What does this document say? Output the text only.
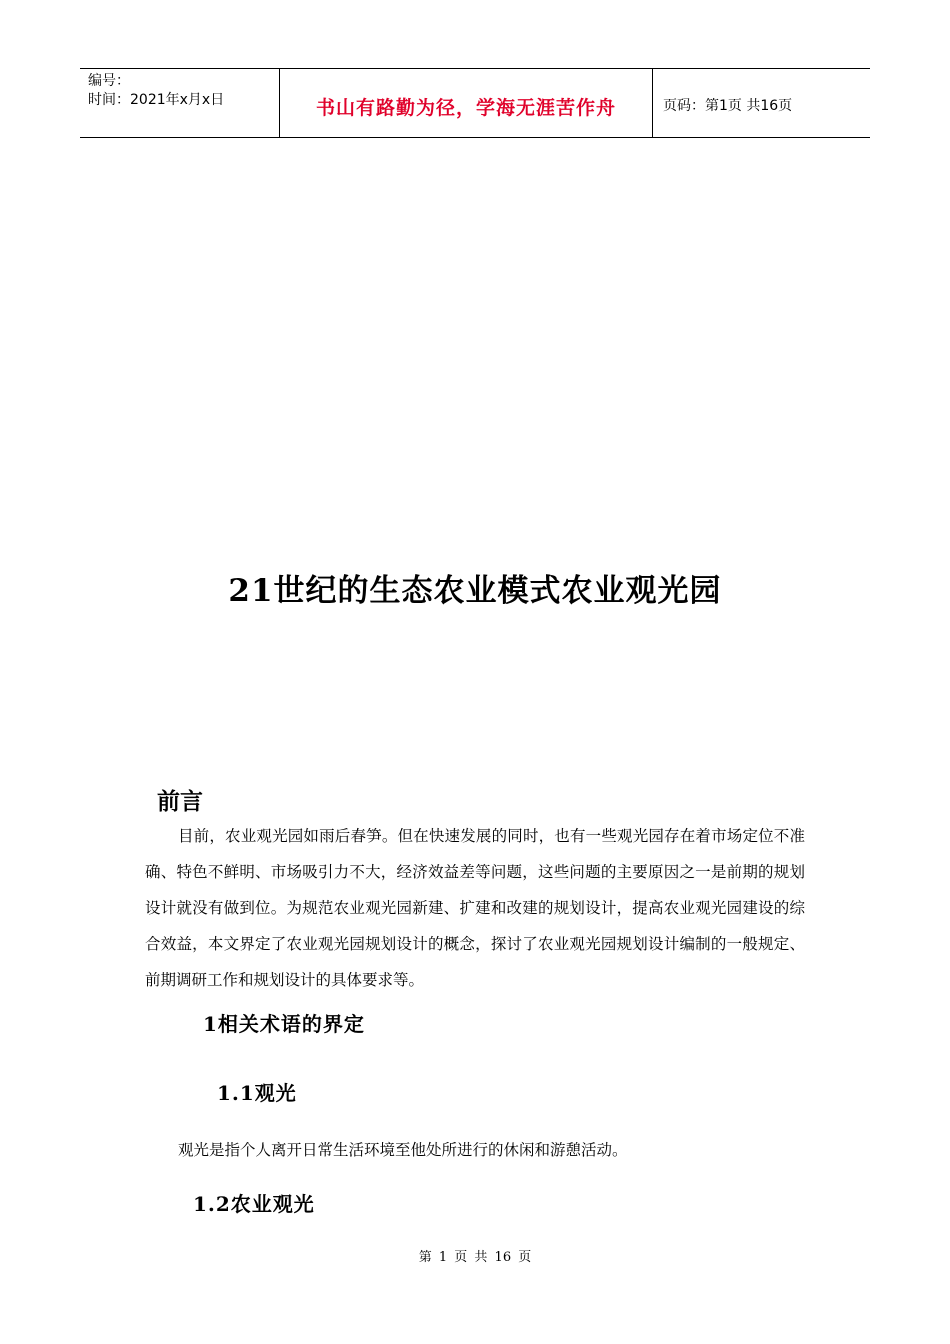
编号：
时间：2021年x月x日	书山有路勤为径，学海无涯苦作舟	页码：第1页 共16页
21世纪的生态农业模式农业观光园
前言
目前，农业观光园如雨后春笋。但在快速发展的同时，也有一些观光园存在着市场定位不准确、特色不鲜明、市场吸引力不大，经济效益差等问题，这些问题的主要原因之一是前期的规划设计就没有做到位。为规范农业观光园新建、扩建和改建的规划设计，提高农业观光园建设的综合效益，本文界定了农业观光园规划设计的概念，探讨了农业观光园规划设计编制的一般规定、前期调研工作和规划设计的具体要求等。
1相关术语的界定
1.1观光
观光是指个人离开日常生活环境至他处所进行的休闲和游憩活动。
1.2农业观光
第 1 页 共 16 页
